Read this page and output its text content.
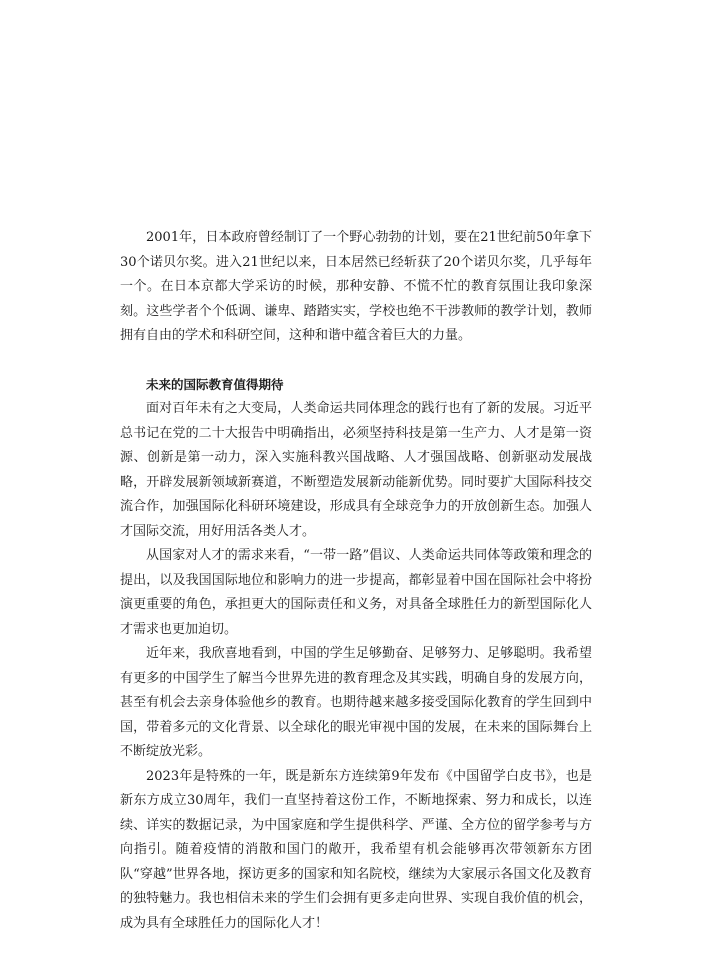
2001年，日本政府曾经制订了一个野心勃勃的计划，要在21世纪前50年拿下30个诺贝尔奖。进入21世纪以来，日本居然已经斩获了20个诺贝尔奖，几乎每年一个。在日本京都大学采访的时候，那种安静、不慌不忙的教育氛围让我印象深刻。这些学者个个低调、谦卑、踏踏实实，学校也绝不干涉教师的教学计划，教师拥有自由的学术和科研空间，这种和谐中蕴含着巨大的力量。

未来的国际教育值得期待

面对百年未有之大变局，人类命运共同体理念的践行也有了新的发展。习近平总书记在党的二十大报告中明确指出，必须坚持科技是第一生产力、人才是第一资源、创新是第一动力，深入实施科教兴国战略、人才强国战略、创新驱动发展战略，开辟发展新领域新赛道，不断塑造发展新动能新优势。同时要扩大国际科技交流合作，加强国际化科研环境建设，形成具有全球竞争力的开放创新生态。加强人才国际交流，用好用活各类人才。

从国家对人才的需求来看，“一带一路”倡议、人类命运共同体等政策和理念的提出，以及我国国际地位和影响力的进一步提高，都彰显着中国在国际社会中将扮演更重要的角色，承担更大的国际责任和义务，对具备全球胜任力的新型国际化人才需求也更加迫切。

近年来，我欣喜地看到，中国的学生足够勤奋、足够努力、足够聪明。我希望有更多的中国学生了解当今世界先进的教育理念及其实践，明确自身的发展方向，甚至有机会去亲身体验他乡的教育。也期待越来越多接受国际化教育的学生回到中国，带着多元的文化背景、以全球化的眼光审视中国的发展，在未来的国际舞台上不断绽放光彩。

2023年是特殊的一年，既是新东方连续第9年发布《中国留学白皮书》，也是新东方成立30周年，我们一直坚持着这份工作，不断地探索、努力和成长，以连续、详实的数据记录，为中国家庭和学生提供科学、严谨、全方位的留学参考与方向指引。随着疫情的消散和国门的敞开，我希望有机会能够再次带领新东方团队“穿越”世界各地，探访更多的国家和知名院校，继续为大家展示各国文化及教育的独特魅力。我也相信未来的学生们会拥有更多走向世界、实现自我价值的机会，成为具有全球胜任力的国际化人才！
